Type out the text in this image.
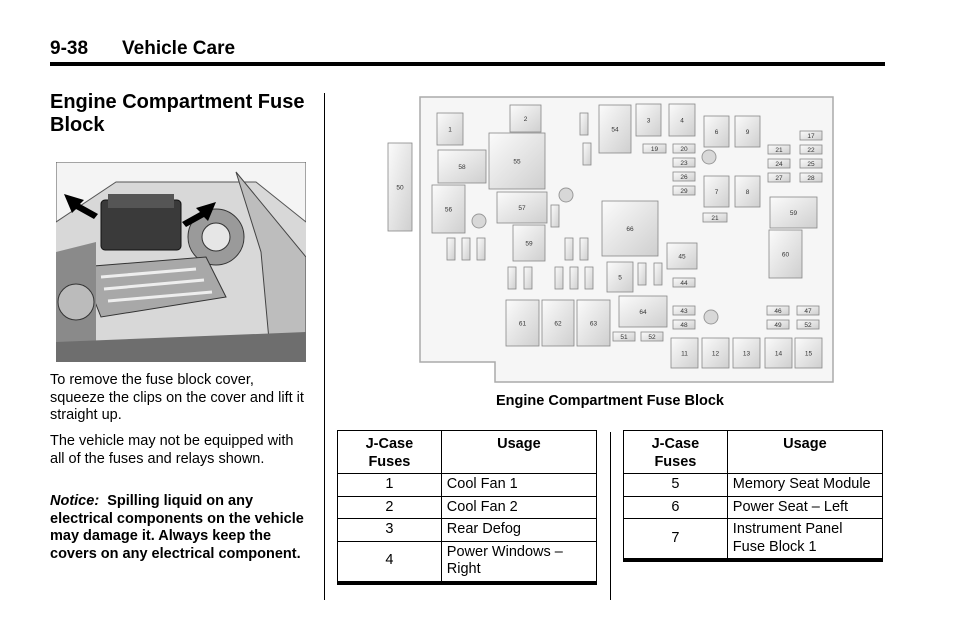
9-38 Vehicle Care
Engine Compartment Fuse Block
To remove the fuse block cover, squeeze the clips on the cover and lift it straight up.
The vehicle may not be equipped with all of the fuses and relays shown.
Notice: Spilling liquid on any electrical components on the vehicle may damage it. Always keep the covers on any electrical component.
50
1
2
55
58
56	57
59
54
3	4
6	9
7	8
66
45
5
64
61	62	63
11	12	13	14	15
59
60
19	20
23
26
29
21
17
21	22
24	25
27	28
44
43
48
46	47
49	52
51	52
Engine Compartment Fuse Block
J-Case Fuses	Usage
1	Cool Fan 1
2	Cool Fan 2
3	Rear Defog
4	Power Windows – Right
J-Case Fuses	Usage
5	Memory Seat Module
6	Power Seat – Left
7	Instrument Panel Fuse Block 1
